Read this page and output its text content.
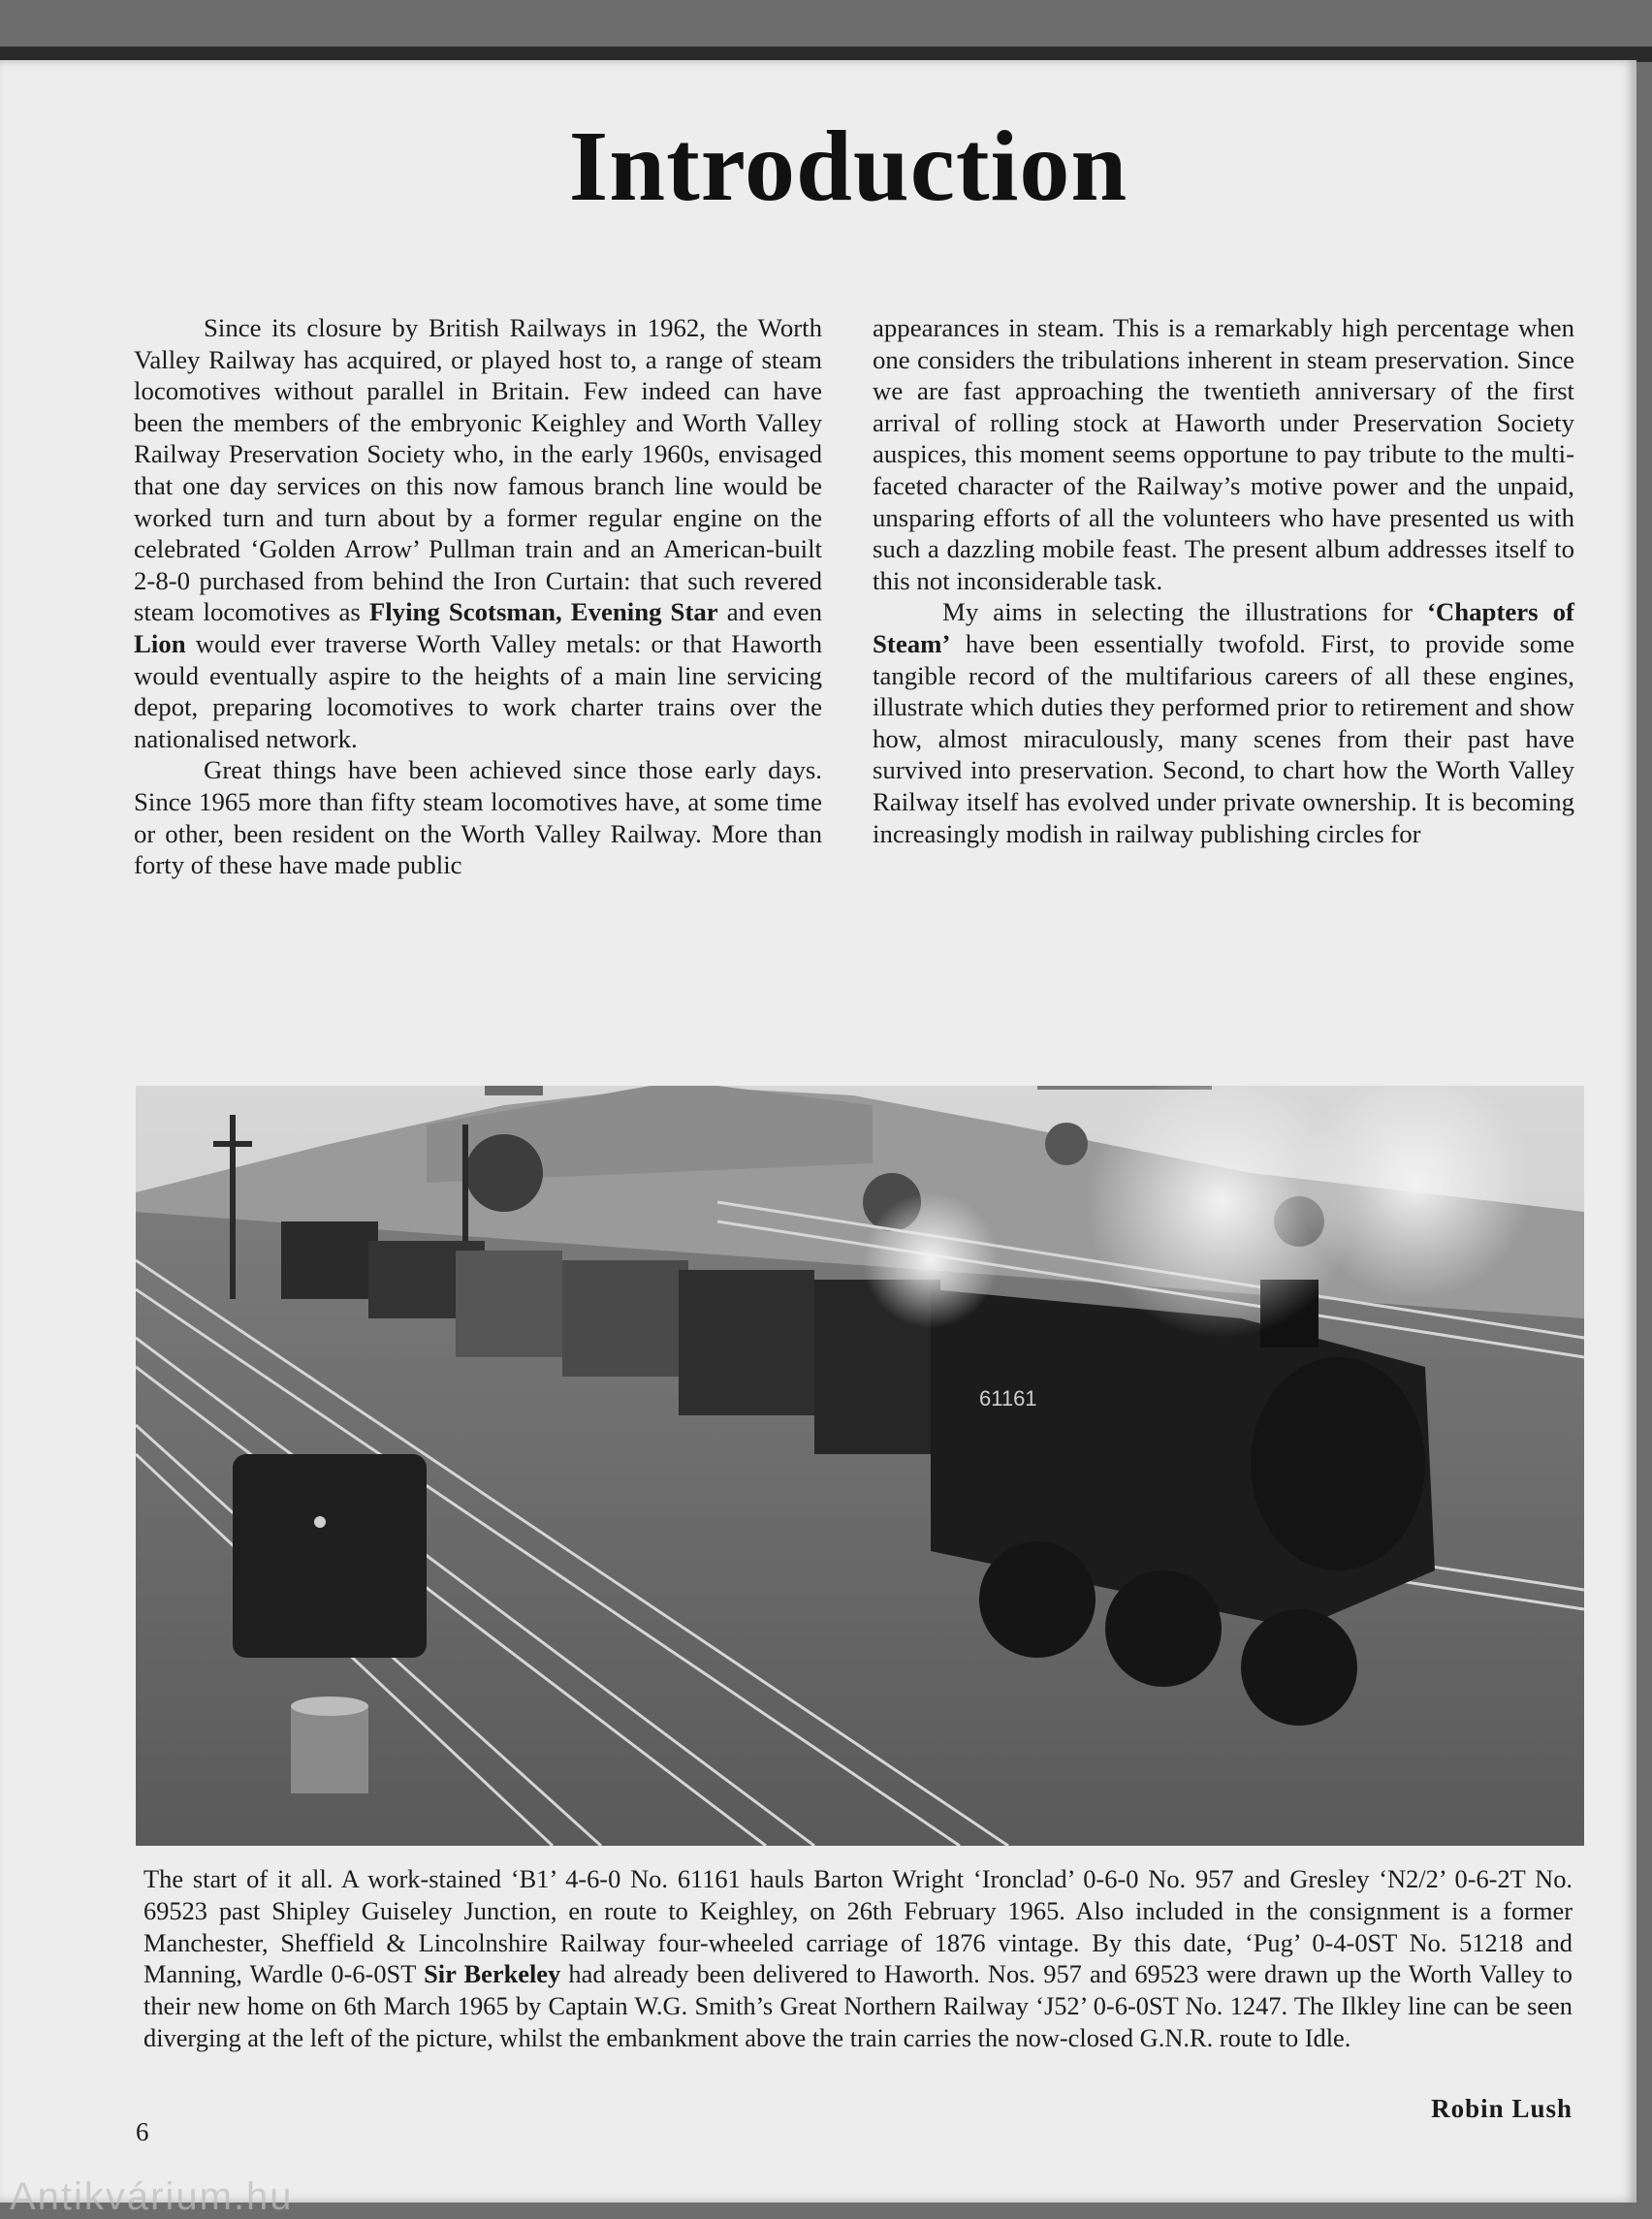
Introduction

Since its closure by British Railways in 1962, the Worth Valley Railway has acquired, or played host to, a range of steam locomotives without parallel in Britain. Few indeed can have been the members of the embryonic Keighley and Worth Valley Railway Preservation Society who, in the early 1960s, envisaged that one day services on this now famous branch line would be worked turn and turn about by a former regular engine on the celebrated ‘Golden Arrow’ Pullman train and an American-built 2-8-0 purchased from behind the Iron Curtain: that such revered steam locomotives as Flying Scotsman, Evening Star and even Lion would ever traverse Worth Valley metals: or that Haworth would eventually aspire to the heights of a main line servicing depot, preparing locomotives to work charter trains over the nationalised network.

Great things have been achieved since those early days. Since 1965 more than fifty steam locomotives have, at some time or other, been resident on the Worth Valley Railway. More than forty of these have made public

appearances in steam. This is a remarkably high percentage when one considers the tribulations inherent in steam preservation. Since we are fast approaching the twentieth anniversary of the first arrival of rolling stock at Haworth under Preservation Society auspices, this moment seems opportune to pay tribute to the multi-faceted character of the Railway’s motive power and the unpaid, unsparing efforts of all the volunteers who have presented us with such a dazzling mobile feast. The present album addresses itself to this not inconsiderable task.

My aims in selecting the illustrations for ‘Chapters of Steam’ have been essentially twofold. First, to provide some tangible record of the multifarious careers of all these engines, illustrate which duties they performed prior to retirement and show how, almost miraculously, many scenes from their past have survived into preservation. Second, to chart how the Worth Valley Railway itself has evolved under private ownership. It is becoming increasingly modish in railway publishing circles for

61161
The start of it all. A work-stained ‘B1’ 4-6-0 No. 61161 hauls Barton Wright ‘Ironclad’ 0-6-0 No. 957 and Gresley ‘N2/2’ 0-6-2T No. 69523 past Shipley Guiseley Junction, en route to Keighley, on 26th February 1965. Also included in the consignment is a former Manchester, Sheffield & Lincolnshire Railway four-wheeled carriage of 1876 vintage. By this date, ‘Pug’ 0-4-0ST No. 51218 and Manning, Wardle 0-6-0ST Sir Berkeley had already been delivered to Haworth. Nos. 957 and 69523 were drawn up the Worth Valley to their new home on 6th March 1965 by Captain W.G. Smith’s Great Northern Railway ‘J52’ 0-6-0ST No. 1247. The Ilkley line can be seen diverging at the left of the picture, whilst the embankment above the train carries the now-closed G.N.R. route to Idle.
Robin Lush
6
Antikvárium.hu
